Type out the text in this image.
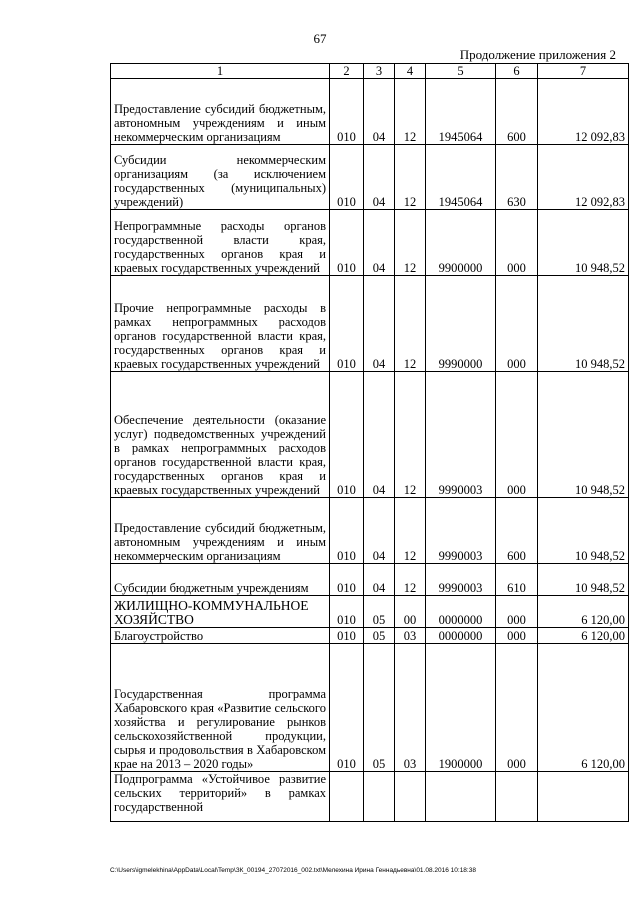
67
Продолжение приложения 2
1	2	3	4	5	6	7
Предоставление субсидий бюджетным, автономным учреждениям и иным некоммерческим организациям	010	04	12	1945064	600	12 092,83
Субсидии некоммерческим организациям (за исключением государственных (муниципальных) учреждений)	010	04	12	1945064	630	12 092,83
Непрограммные расходы органов государственной власти края, государственных органов края и краевых государственных учреждений	010	04	12	9900000	000	10 948,52
Прочие непрограммные расходы в рамках непрограммных расходов органов государственной власти края, государственных органов края и краевых государственных учреждений	010	04	12	9990000	000	10 948,52
Обеспечение деятельности (оказание услуг) подведомственных учреждений в рамках непрограммных расходов органов государственной власти края, государственных органов края и краевых государственных учреждений	010	04	12	9990003	000	10 948,52
Предоставление субсидий бюджетным, автономным учреждениям и иным некоммерческим организациям	010	04	12	9990003	600	10 948,52
Субсидии бюджетным учреждениям	010	04	12	9990003	610	10 948,52
ЖИЛИЩНО-КОММУНАЛЬНОЕ ХОЗЯЙСТВО	010	05	00	0000000	000	6 120,00
Благоустройство	010	05	03	0000000	000	6 120,00
Государственная программа Хабаровского края «Развитие сельского хозяйства и регулирование рынков сельскохозяйственной продукции, сырья и продовольствия в Хабаровском крае на 2013 – 2020 годы»	010	05	03	1900000	000	6 120,00
Подпрограмма «Устойчивое развитие сельских территорий» в рамках государственной						
C:\Users\igmelekhina\AppData\Local\Temp\ЗК_00194_27072016_002.txt\Мелехина Ирина Геннадьевна\01.08.2016 10:18:38
